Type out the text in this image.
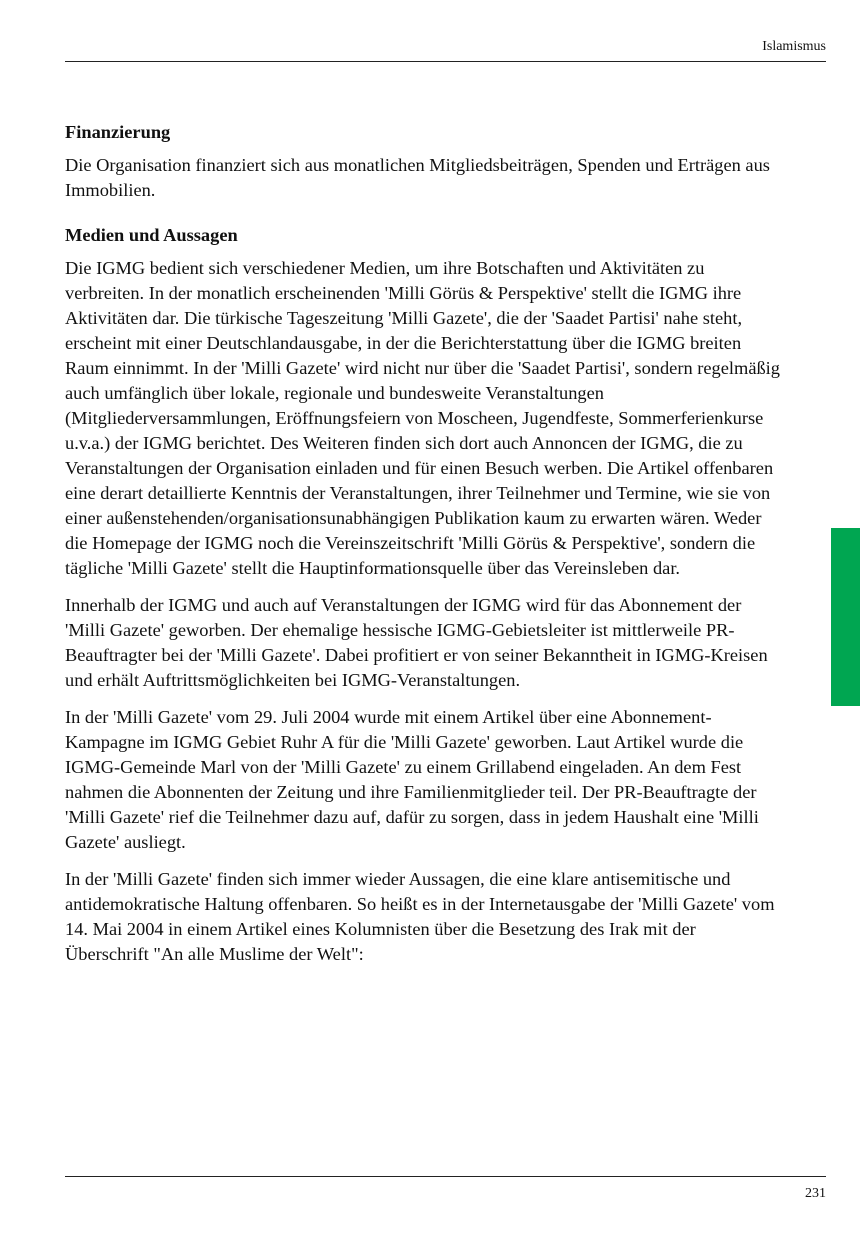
Islamismus
Finanzierung

Die Organisation finanziert sich aus monatlichen Mitgliedsbeiträgen, Spenden und Erträgen aus Immobilien.

Medien und Aussagen

Die IGMG bedient sich verschiedener Medien, um ihre Botschaften und Aktivitäten zu verbreiten. In der monatlich erscheinenden 'Milli Görüs & Perspektive' stellt die IGMG ihre Aktivitäten dar. Die türkische Tageszeitung 'Milli Gazete', die der 'Saadet Partisi' nahe steht, erscheint mit einer Deutschlandausgabe, in der die Berichterstattung über die IGMG breiten Raum einnimmt. In der 'Milli Gazete' wird nicht nur über die 'Saadet Partisi', sondern regelmäßig auch umfänglich über lokale, regionale und bundesweite Veranstaltungen (Mitgliederversammlungen, Eröffnungsfeiern von Moscheen, Jugendfeste, Sommerferienkurse u.v.a.) der IGMG berichtet. Des Weiteren finden sich dort auch Annoncen der IGMG, die zu Veranstaltungen der Organisation einladen und für einen Besuch werben. Die Artikel offenbaren eine derart detaillierte Kenntnis der Veranstaltungen, ihrer Teilnehmer und Termine, wie sie von einer außenstehenden/organisationsunabhängigen Publikation kaum zu erwarten wären. Weder die Homepage der IGMG noch die Vereinszeitschrift 'Milli Görüs & Perspektive', sondern die tägliche 'Milli Gazete' stellt die Hauptinformationsquelle über das Vereinsleben dar.

Innerhalb der IGMG und auch auf Veranstaltungen der IGMG wird für das Abonnement der 'Milli Gazete' geworben. Der ehemalige hessische IGMG-Gebietsleiter ist mittlerweile PR-Beauftragter bei der 'Milli Gazete'. Dabei profitiert er von seiner Bekanntheit in IGMG-Kreisen und erhält Auftrittsmöglichkeiten bei IGMG-Veranstaltungen.

In der 'Milli Gazete' vom 29. Juli 2004 wurde mit einem Artikel über eine Abonnement-Kampagne im IGMG Gebiet Ruhr A für die 'Milli Gazete' geworben. Laut Artikel wurde die IGMG-Gemeinde Marl von der 'Milli Gazete' zu einem Grillabend eingeladen. An dem Fest nahmen die Abonnenten der Zeitung und ihre Familienmitglieder teil. Der PR-Beauftragte der 'Milli Gazete' rief die Teilnehmer dazu auf, dafür zu sorgen, dass in jedem Haushalt eine 'Milli Gazete' ausliegt.

In der 'Milli Gazete' finden sich immer wieder Aussagen, die eine klare antisemitische und antidemokratische Haltung offenbaren. So heißt es in der Internetausgabe der 'Milli Gazete' vom 14. Mai 2004 in einem Artikel eines Kolumnisten über die Besetzung des Irak mit der Überschrift "An alle Muslime der Welt":

231
